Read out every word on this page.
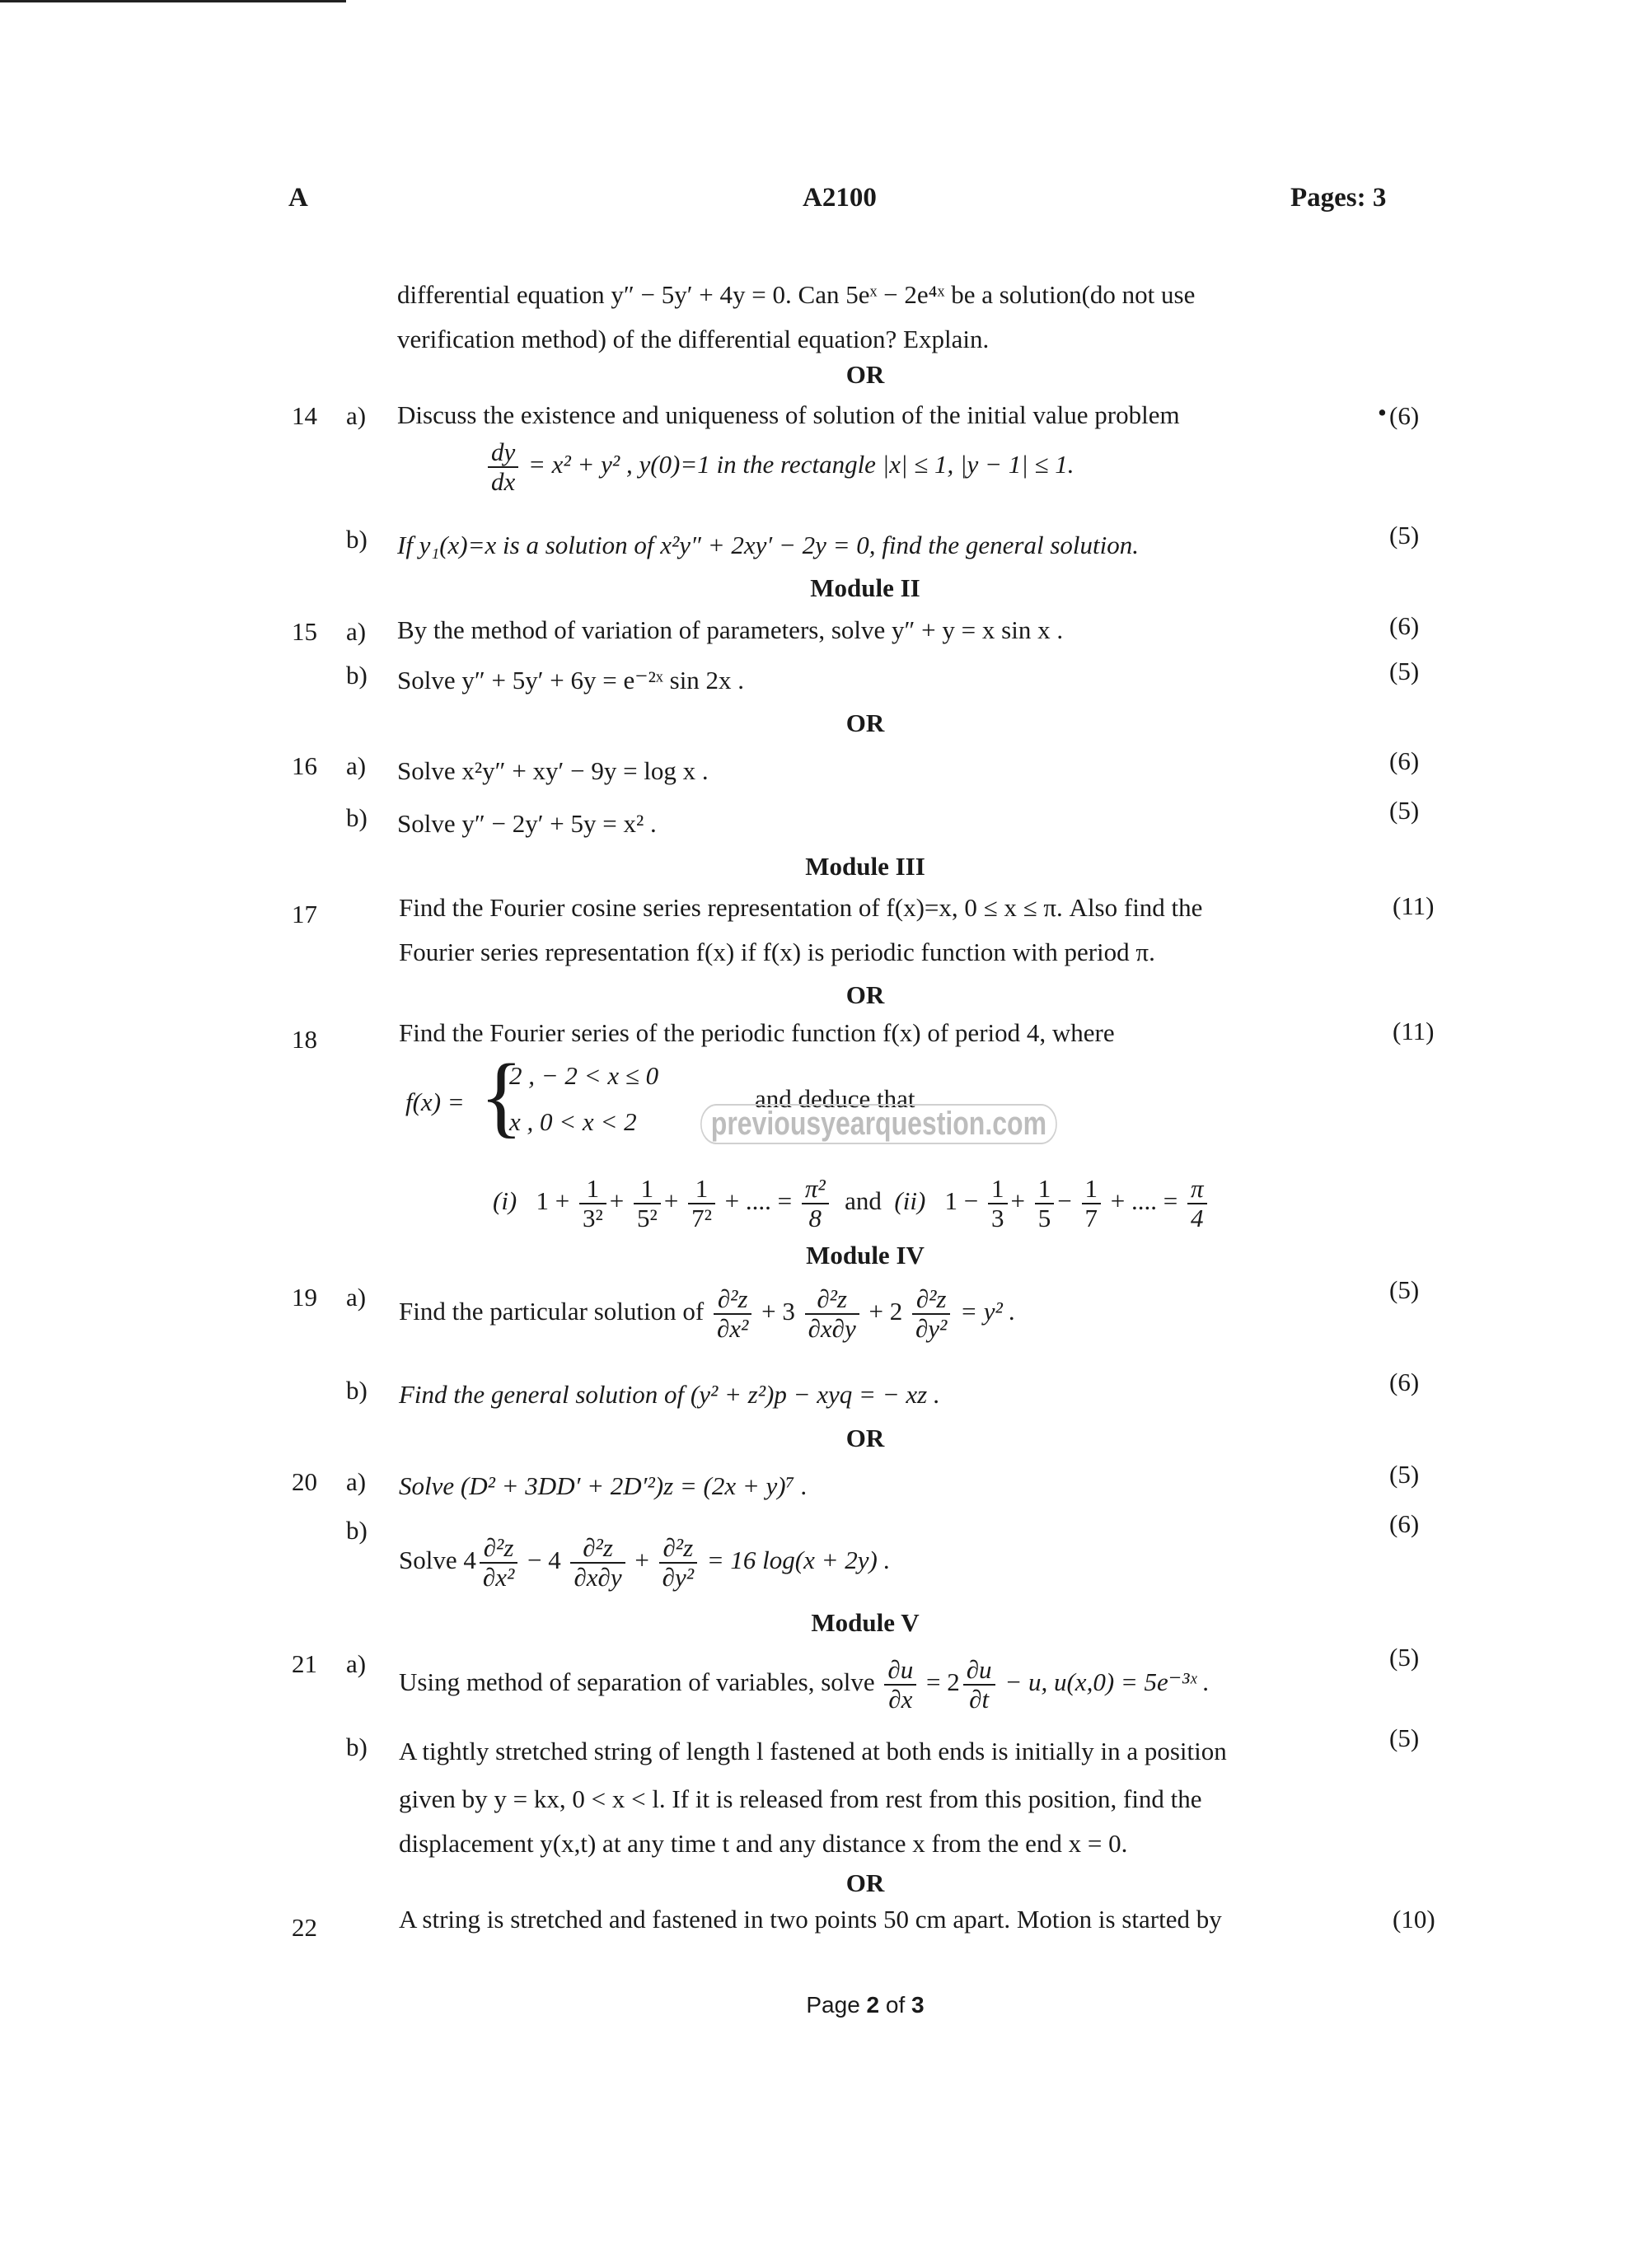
A	A2100	Pages: 3
differential equation y″ − 5y′ + 4y = 0. Can 5eˣ − 2e⁴ˣ be a solution(do not use
verification method) of the differential equation? Explain.
OR
14 a) Discuss the existence and uniqueness of solution of the initial value problem	• (6)
$\frac{dy}{dx} = x^2 + y^2$ , y(0)=1 in the rectangle |x| ≤ 1, |y − 1| ≤ 1.
b) If y₁(x)=x is a solution of x²y″ + 2xy′ − 2y = 0, find the general solution.	(5)
Module II
15 a) By the method of variation of parameters, solve y″ + y = x sin x .	(6)
b) Solve y″ + 5y′ + 6y = e⁻²ˣ sin 2x .	(5)
OR
16 a) Solve x²y″ + xy′ − 9y = log x .	(6)
b) Solve y″ − 2y′ + 5y = x² .	(5)
Module III
17	Find the Fourier cosine series representation of f(x)=x, 0 ≤ x ≤ π. Also find the
Fourier series representation f(x) if f(x) is periodic function with period π.
(11)
OR
18	Find the Fourier series of the periodic function f(x) of period 4, where	(11)
f(x) = {
2 , − 2 < x ≤ 0
x , 0 < x < 2
and deduce that
previousyearquestion.com
(i) $1 + \frac{1}{\text{3²}} + \frac{1}{\text{5²}} + \frac{1}{\text{7²}}$ + .... = $\frac{\text{π²}}{8}$ and (ii) $1 - \frac{1}{3} + \frac{1}{5} - \frac{1}{7}$ + .... = $\frac{\pi}{4}$
Module IV
19 a) Find the particular solution of $\frac{\text{∂²z}}{\text{∂x²}} + 3 \frac{\text{∂²z}}{\partial x\partial y} + 2 \frac{\text{∂²z}}{\text{∂y²}} = y^2$ .
(5)
b) Find the general solution of (y² + z²)p − xyq = − xz .	(6)
OR
20 a) Solve (D² + 3DD′ + 2D′²)z = (2x + y)⁷ .	(5)
b)
Solve $4 \frac{\text{∂²z}}{\text{∂x²}} - 4 \frac{\text{∂²z}}{\partial x\partial y} + \frac{\text{∂²z}}{\text{∂y²}} = 16$ log(x + 2y) .
(6)
Module V
21 a)
Using method of separation of variables, solve $\frac{\partial u}{\partial x} = 2 \frac{\partial u}{\partial t} - u$, u(x,0) = 5e⁻³ˣ .
(5)
b) A tightly stretched string of length l fastened at both ends is initially in a position
given by y = kx, 0 < x < l. If it is released from rest from this position, find the
displacement y(x,t) at any time t and any distance x from the end x = 0.
(5)
OR
22	A string is stretched and fastened in two points 50 cm apart. Motion is started by	(10)
Page 2 of 3
